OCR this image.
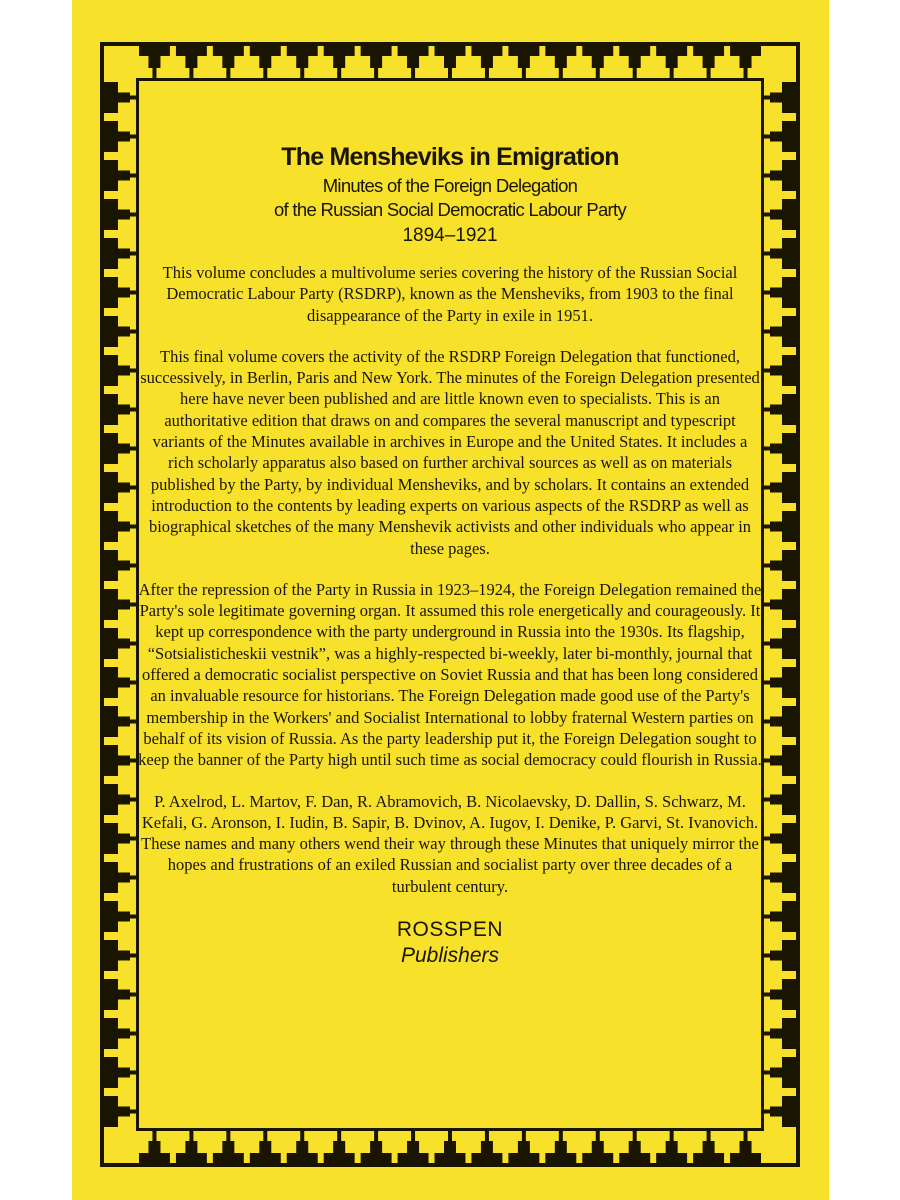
The Mensheviks in Emigration
Minutes of the Foreign Delegation
of the Russian Social Democratic Labour Party
1894–1921

This volume concludes a multivolume series covering the history of the Russian Social Democratic Labour Party (RSDRP), known as the Mensheviks, from 1903 to the final disappearance of the Party in exile in 1951.

This final volume covers the activity of the RSDRP Foreign Delegation that functioned, successively, in Berlin, Paris and New York. The minutes of the Foreign Delegation presented here have never been published and are little known even to specialists. This is an authoritative edition that draws on and compares the several manuscript and typescript variants of the Minutes available in archives in Europe and the United States. It includes a rich scholarly apparatus also based on further archival sources as well as on materials published by the Party, by individual Mensheviks, and by scholars. It contains an extended introduction to the contents by leading experts on various aspects of the RSDRP as well as biographical sketches of the many Menshevik activists and other individuals who appear in these pages.

After the repression of the Party in Russia in 1923–1924, the Foreign Delegation remained the Party's sole legitimate governing organ. It assumed this role energetically and courageously. It kept up correspondence with the party underground in Russia into the 1930s. Its flagship, “Sotsialisticheskii vestnik”, was a highly-respected bi-weekly, later bi-monthly, journal that offered a democratic socialist perspective on Soviet Russia and that has been long considered an invaluable resource for historians. The Foreign Delegation made good use of the Party's membership in the Workers' and Socialist International to lobby fraternal Western parties on behalf of its vision of Russia. As the party leadership put it, the Foreign Delegation sought to keep the banner of the Party high until such time as social democracy could flourish in Russia.

P. Axelrod, L. Martov, F. Dan, R. Abramovich, B. Nicolaevsky, D. Dallin, S. Schwarz, M. Kefali, G. Aronson, I. Iudin, B. Sapir, B. Dvinov, A. Iugov, I. Denike, P. Garvi, St. Ivanovich. These names and many others wend their way through these Minutes that uniquely mirror the hopes and frustrations of an exiled Russian and socialist party over three decades of a turbulent century.

ROSSPEN
Publishers
